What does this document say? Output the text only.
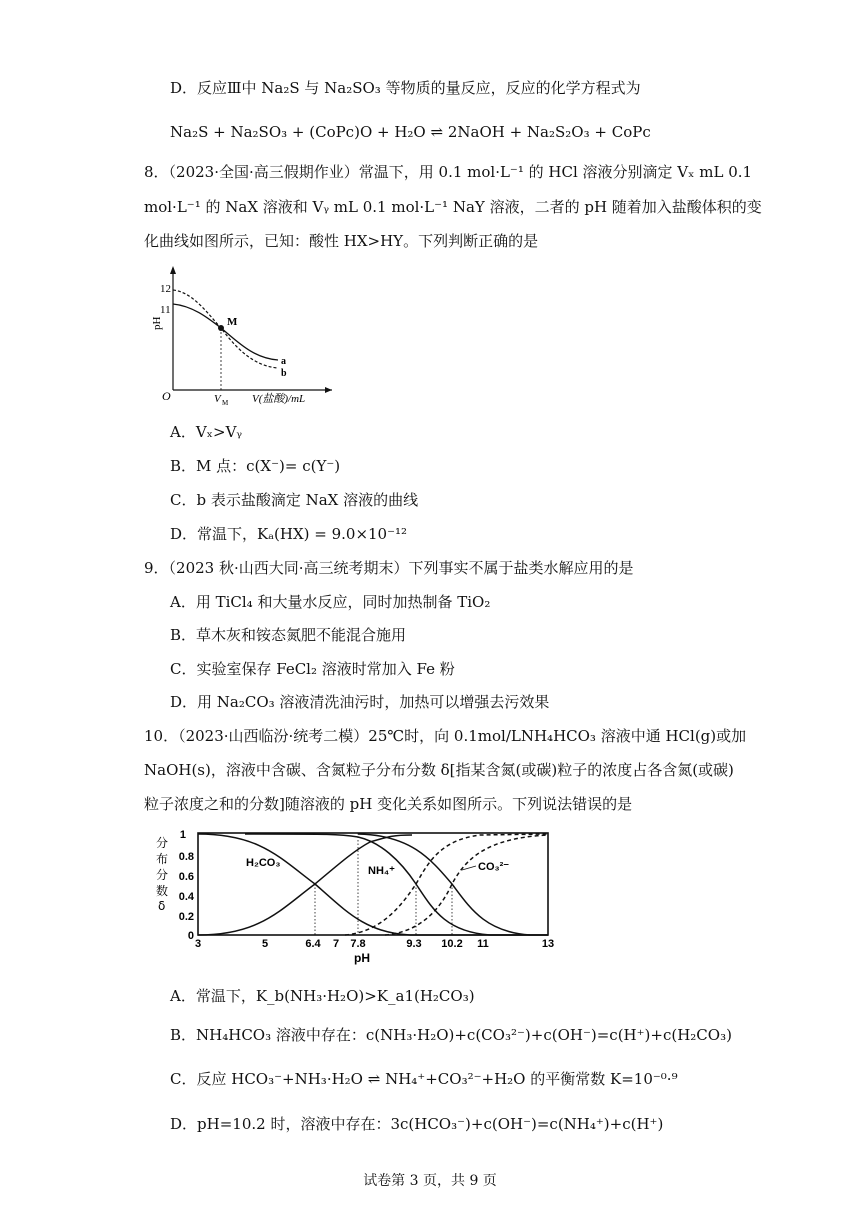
D．反应Ⅲ中 Na₂S 与 Na₂SO₃ 等物质的量反应，反应的化学方程式为
Na₂S + Na₂SO₃ + (CoPc)O + H₂O ⇌ 2NaOH + Na₂S₂O₃ + CoPc
8．（2023·全国·高三假期作业）常温下，用 0.1 mol·L⁻¹ 的 HCl 溶液分别滴定 Vₓ mL 0.1
mol·L⁻¹ 的 NaX 溶液和 Vᵧ mL 0.1 mol·L⁻¹ NaY 溶液，二者的 pH 随着加入盐酸体积的变
化曲线如图所示，已知：酸性 HX>HY。下列判断正确的是
12
11
pH
O
M
a
b
V M V(盐酸)/mL
A．Vₓ>Vᵧ
B．M 点：c(X⁻)= c(Y⁻)
C．b 表示盐酸滴定 NaX 溶液的曲线
D．常温下，Kₐ(HX) = 9.0×10⁻¹²
9．（2023 秋·山西大同·高三统考期末）下列事实不属于盐类水解应用的是
A．用 TiCl₄ 和大量水反应，同时加热制备 TiO₂
B．草木灰和铵态氮肥不能混合施用
C．实验室保存 FeCl₂ 溶液时常加入 Fe 粉
D．用 Na₂CO₃ 溶液清洗油污时，加热可以增强去污效果
10．（2023·山西临汾·统考二模）25℃时，向 0.1mol/LNH₄HCO₃ 溶液中通 HCl(g)或加
NaOH(s)，溶液中含碳、含氮粒子分布分数 δ[指某含氮(或碳)粒子的浓度占各含氮(或碳)
粒子浓度之和的分数]随溶液的 pH 变化关系如图所示。下列说法错误的是
分
布
分
数
δ
1
0.8
0.6
0.4
0.2
0
H₂CO₃
NH₄⁺	CO₃²⁻
3	5	6.4 7 7.8	9.3 10.2 11	13
pH
A．常温下，K_b(NH₃·H₂O)>K_a1(H₂CO₃)
B．NH₄HCO₃ 溶液中存在：c(NH₃·H₂O)+c(CO₃²⁻)+c(OH⁻)=c(H⁺)+c(H₂CO₃)
C．反应 HCO₃⁻+NH₃·H₂O ⇌ NH₄⁺+CO₃²⁻+H₂O 的平衡常数 K=10⁻⁰·⁹
D．pH=10.2 时，溶液中存在：3c(HCO₃⁻)+c(OH⁻)=c(NH₄⁺)+c(H⁺)
试卷第 3 页，共 9 页
